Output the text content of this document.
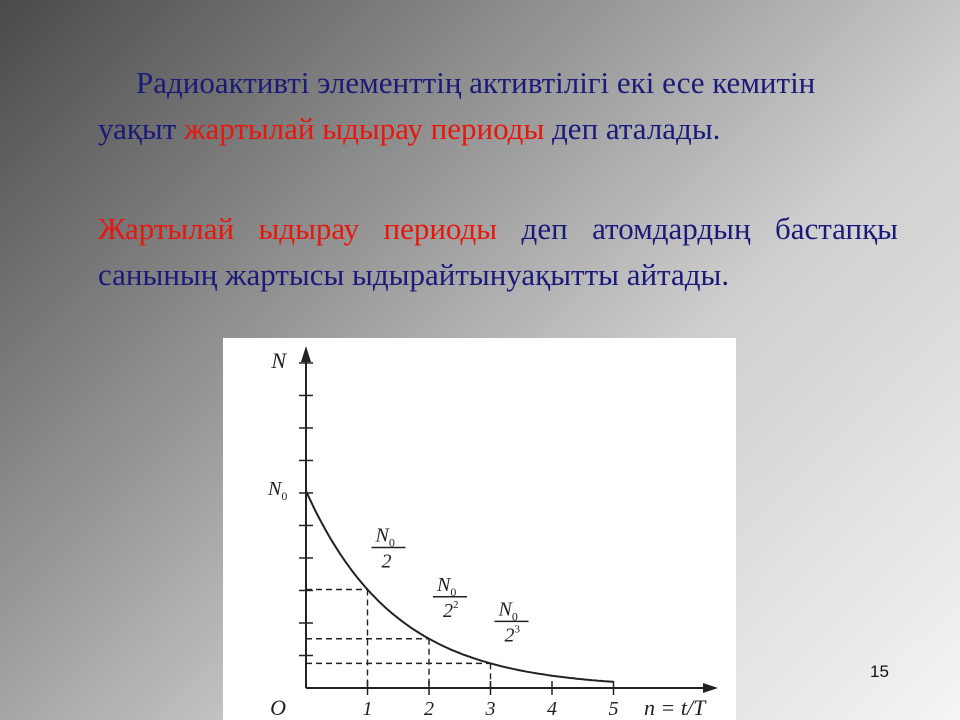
Радиоактивті элементтің активтілігі екі есе кемитін уақыт жартылай ыдырау периоды деп аталады.

Жартылай ыдырау периоды деп атомдардың бастапқы санының жартысы ыдырайтынуақытты айтады.

1	2	3	4	5
N
O	n = t/T
$N_0$
$N_0$
2
$N_0$
$2^2$ $N_0$
$2^3$
15
